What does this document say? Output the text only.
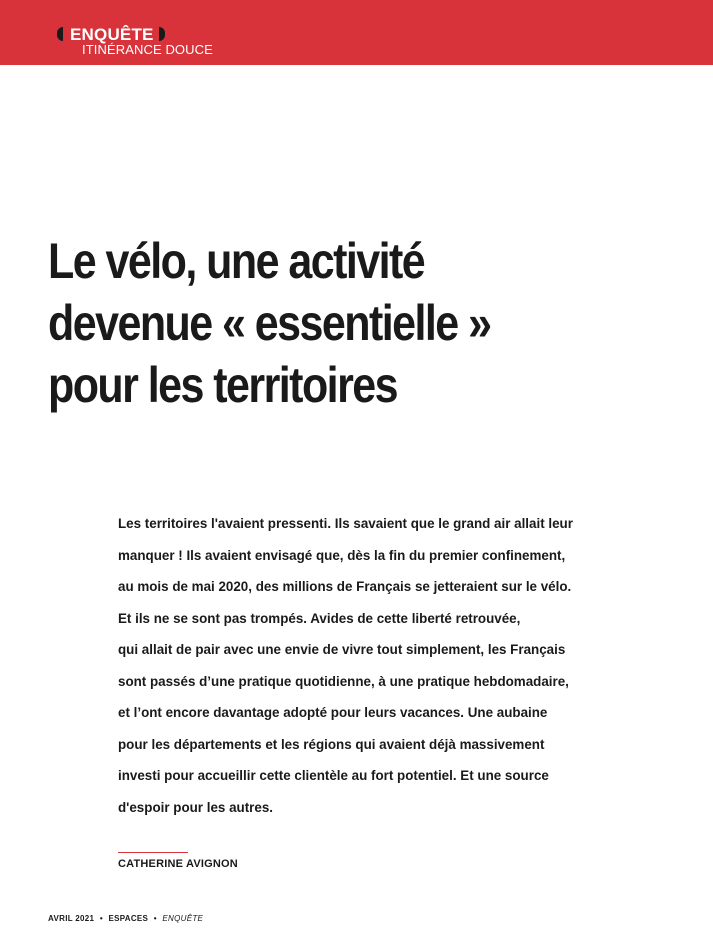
ENQUÊTE
ITINÉRANCE DOUCE
Le vélo, une activité
devenue « essentielle »
pour les territoires

Les territoires l'avaient pressenti. Ils savaient que le grand air allait leur
manquer ! Ils avaient envisagé que, dès la fin du premier confinement,
au mois de mai 2020, des millions de Français se jetteraient sur le vélo.
Et ils ne se sont pas trompés. Avides de cette liberté retrouvée,
qui allait de pair avec une envie de vivre tout simplement, les Français
sont passés d’une pratique quotidienne, à une pratique hebdomadaire,
et l’ont encore davantage adopté pour leurs vacances. Une aubaine
pour les départements et les régions qui avaient déjà massivement
investi pour accueillir cette clientèle au fort potentiel. Et une source
d'espoir pour les autres.

CATHERINE AVIGNON
AVRIL 2021 • ESPACES • ENQUÊTE
